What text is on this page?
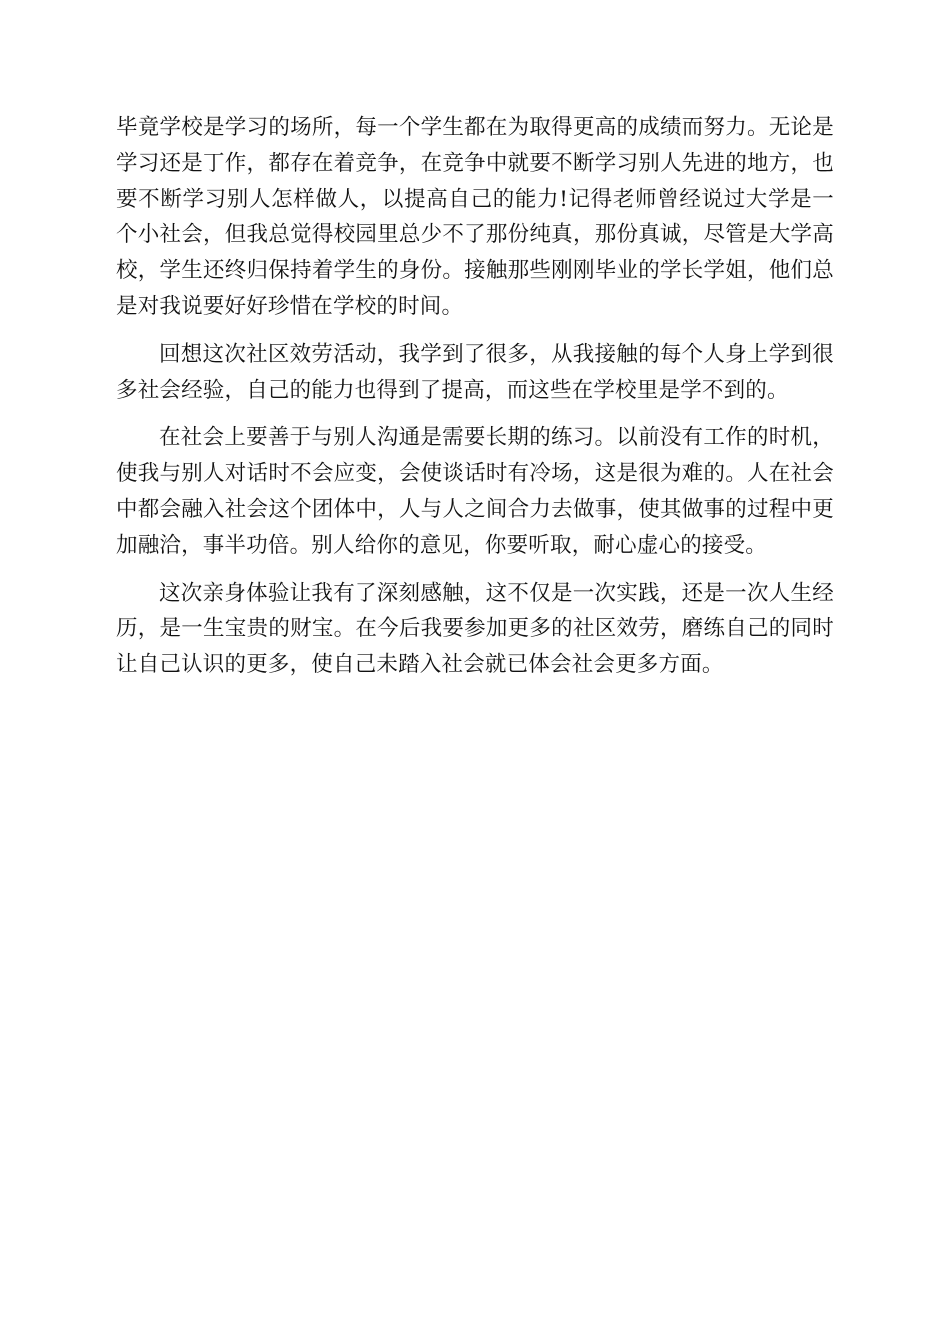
毕竟学校是学习的场所，每一个学生都在为取得更高的成绩而努力。无论是学习还是丁作，都存在着竞争，在竞争中就要不断学习别人先进的地方，也要不断学习别人怎样做人，以提高自己的能力!记得老师曾经说过大学是一个小社会，但我总觉得校园里总少不了那份纯真，那份真诚，尽管是大学高校，学生还终归保持着学生的身份。接触那些刚刚毕业的学长学姐，他们总是对我说要好好珍惜在学校的时间。

回想这次社区效劳活动，我学到了很多，从我接触的每个人身上学到很多社会经验，自己的能力也得到了提高，而这些在学校里是学不到的。

在社会上要善于与别人沟通是需要长期的练习。以前没有工作的时机，使我与别人对话时不会应变，会使谈话时有冷场，这是很为难的。人在社会中都会融入社会这个团体中，人与人之间合力去做事，使其做事的过程中更加融洽，事半功倍。别人给你的意见，你要听取，耐心虚心的接受。

这次亲身体验让我有了深刻感触，这不仅是一次实践，还是一次人生经历，是一生宝贵的财宝。在今后我要参加更多的社区效劳，磨练自己的同时让自己认识的更多，使自己未踏入社会就已体会社会更多方面。
